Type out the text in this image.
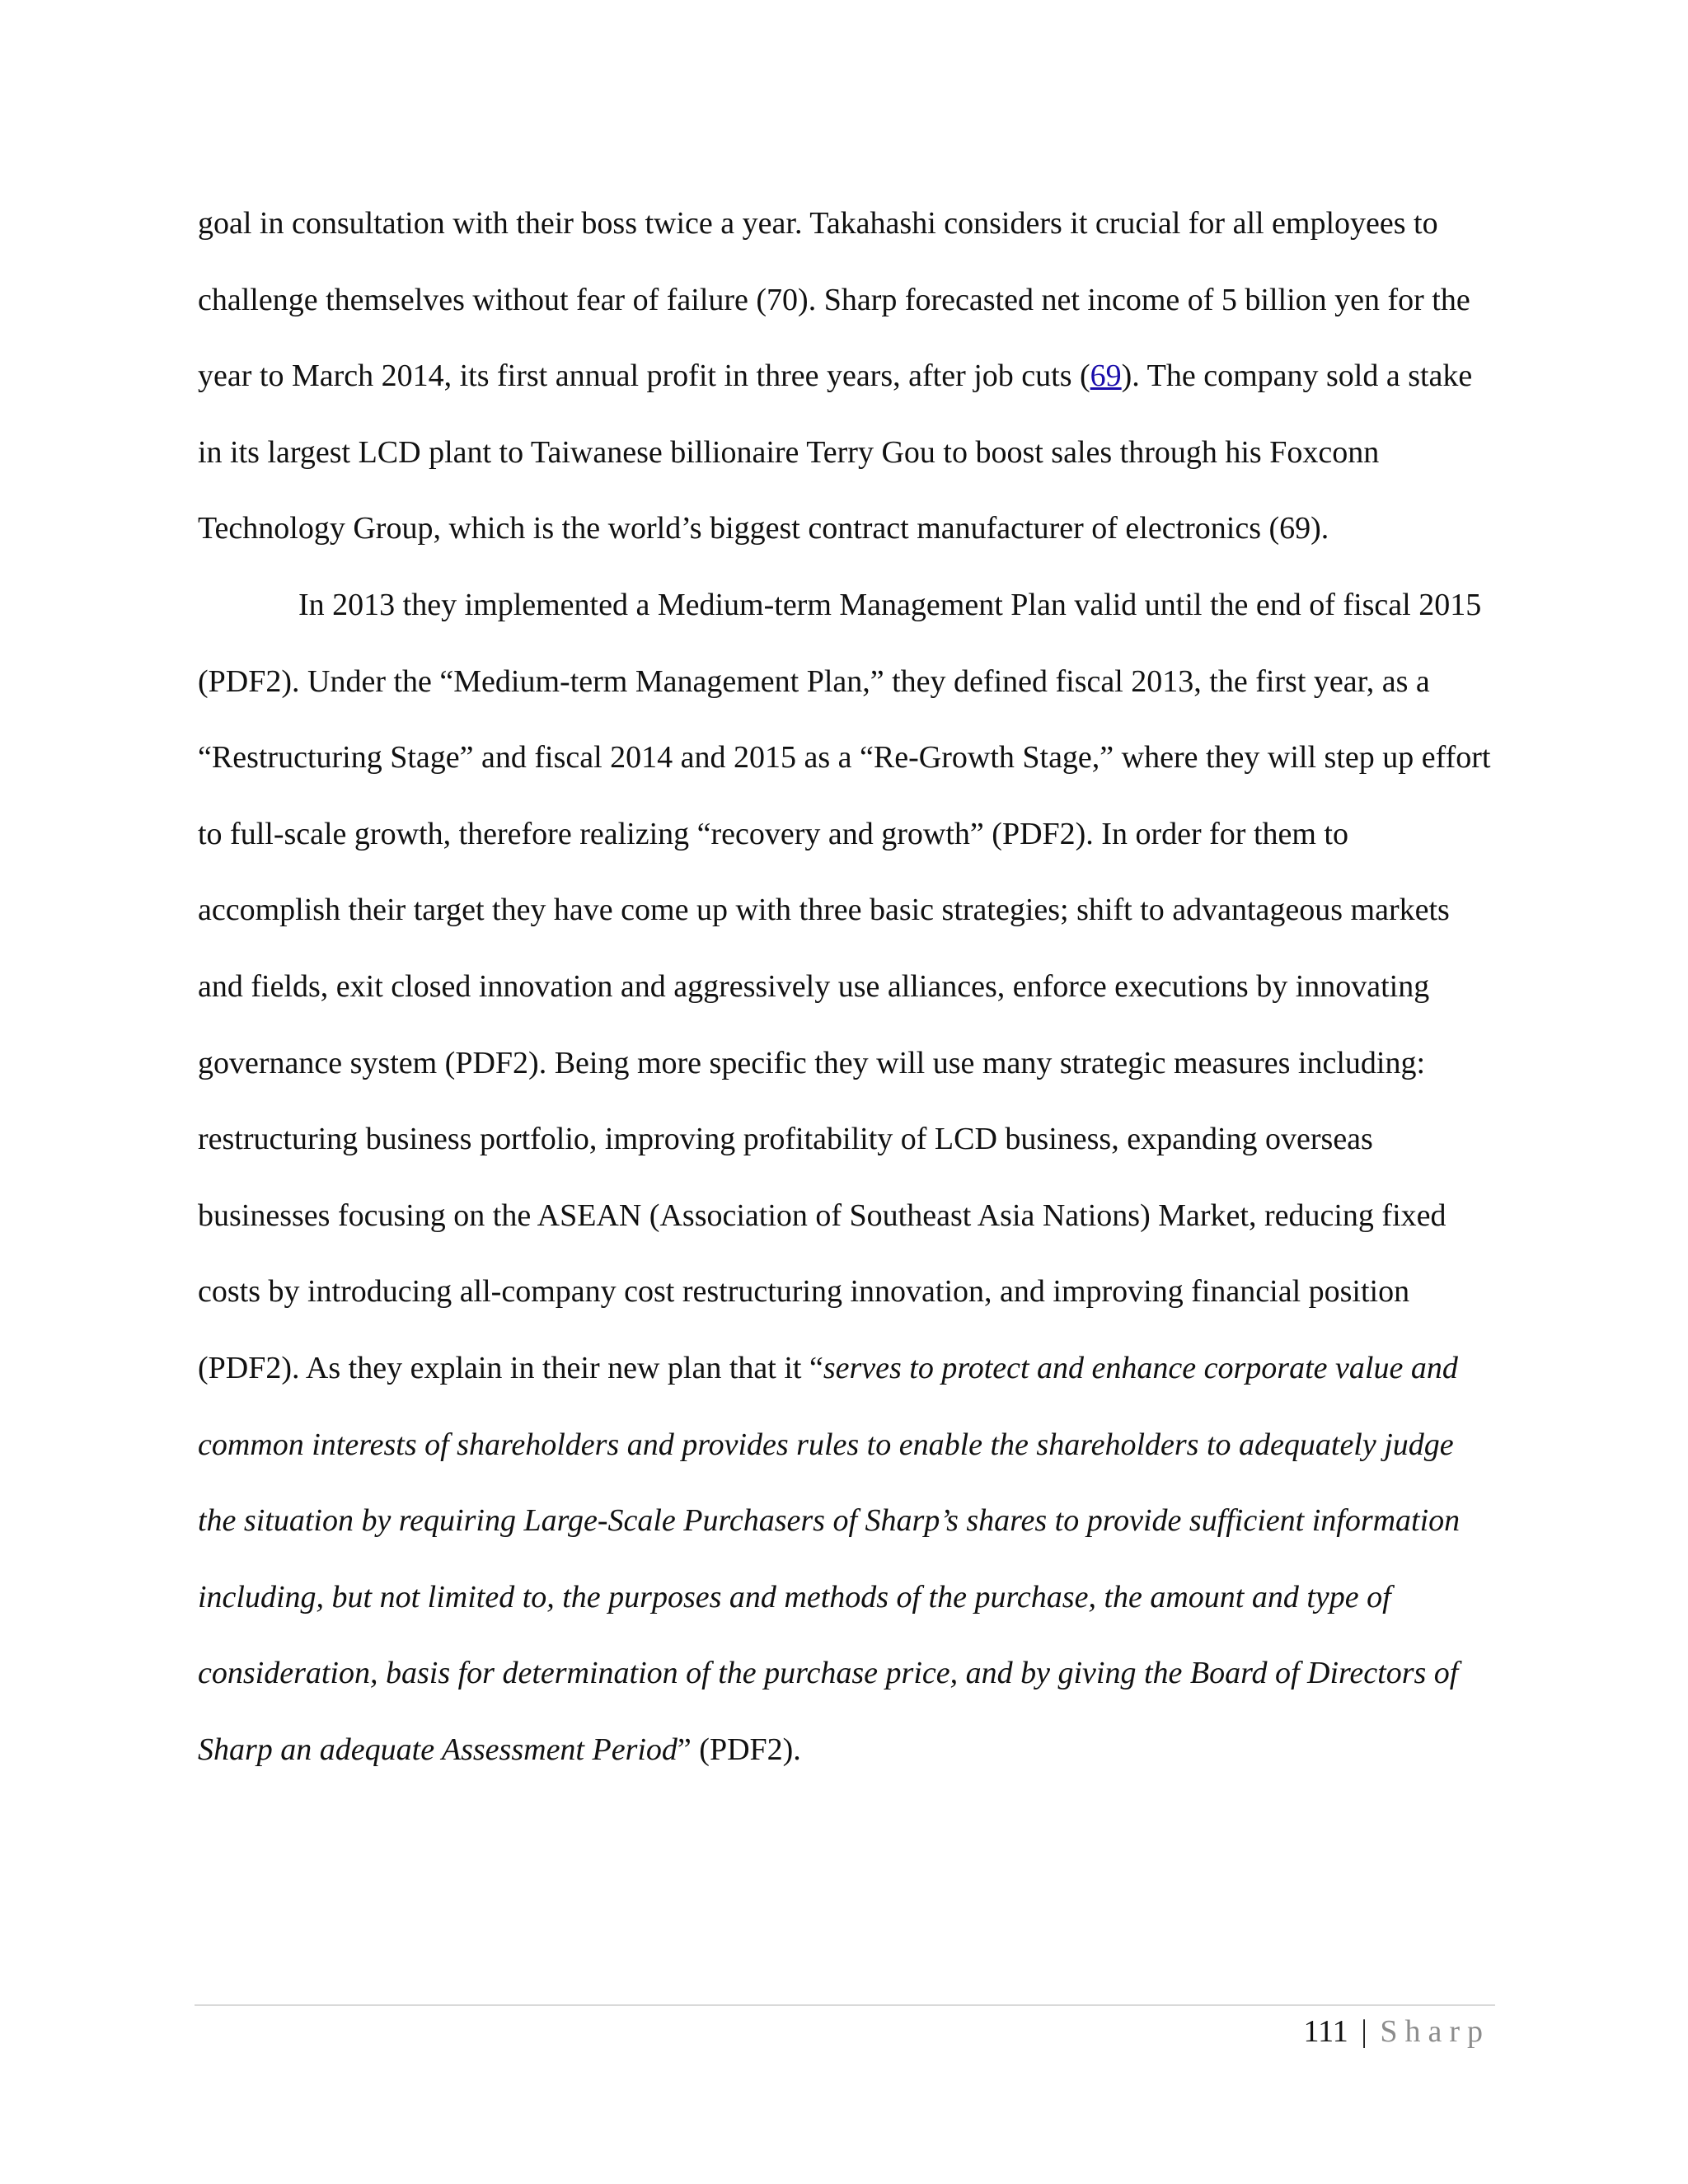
goal in consultation with their boss twice a year. Takahashi considers it crucial for all employees to challenge themselves without fear of failure (70). Sharp forecasted net income of 5 billion yen for the year to March 2014, its first annual profit in three years, after job cuts (69). The company sold a stake in its largest LCD plant to Taiwanese billionaire Terry Gou to boost sales through his Foxconn Technology Group, which is the world’s biggest contract manufacturer of electronics (69).

In 2013 they implemented a Medium-term Management Plan valid until the end of fiscal 2015 (PDF2). Under the “Medium-term Management Plan,” they defined fiscal 2013, the first year, as a “Restructuring Stage” and fiscal 2014 and 2015 as a “Re-Growth Stage,” where they will step up effort to full-scale growth, therefore realizing “recovery and growth” (PDF2). In order for them to accomplish their target they have come up with three basic strategies; shift to advantageous markets and fields, exit closed innovation and aggressively use alliances, enforce executions by innovating governance system (PDF2). Being more specific they will use many strategic measures including: restructuring business portfolio, improving profitability of LCD business, expanding overseas businesses focusing on the ASEAN (Association of Southeast Asia Nations) Market, reducing fixed costs by introducing all-company cost restructuring innovation, and improving financial position (PDF2). As they explain in their new plan that it “serves to protect and enhance corporate value and common interests of shareholders and provides rules to enable the shareholders to adequately judge the situation by requiring Large-Scale Purchasers of Sharp’s shares to provide sufficient information including, but not limited to, the purposes and methods of the purchase, the amount and type of consideration, basis for determination of the purchase price, and by giving the Board of Directors of Sharp an adequate Assessment Period” (PDF2).

111 | Sharp
